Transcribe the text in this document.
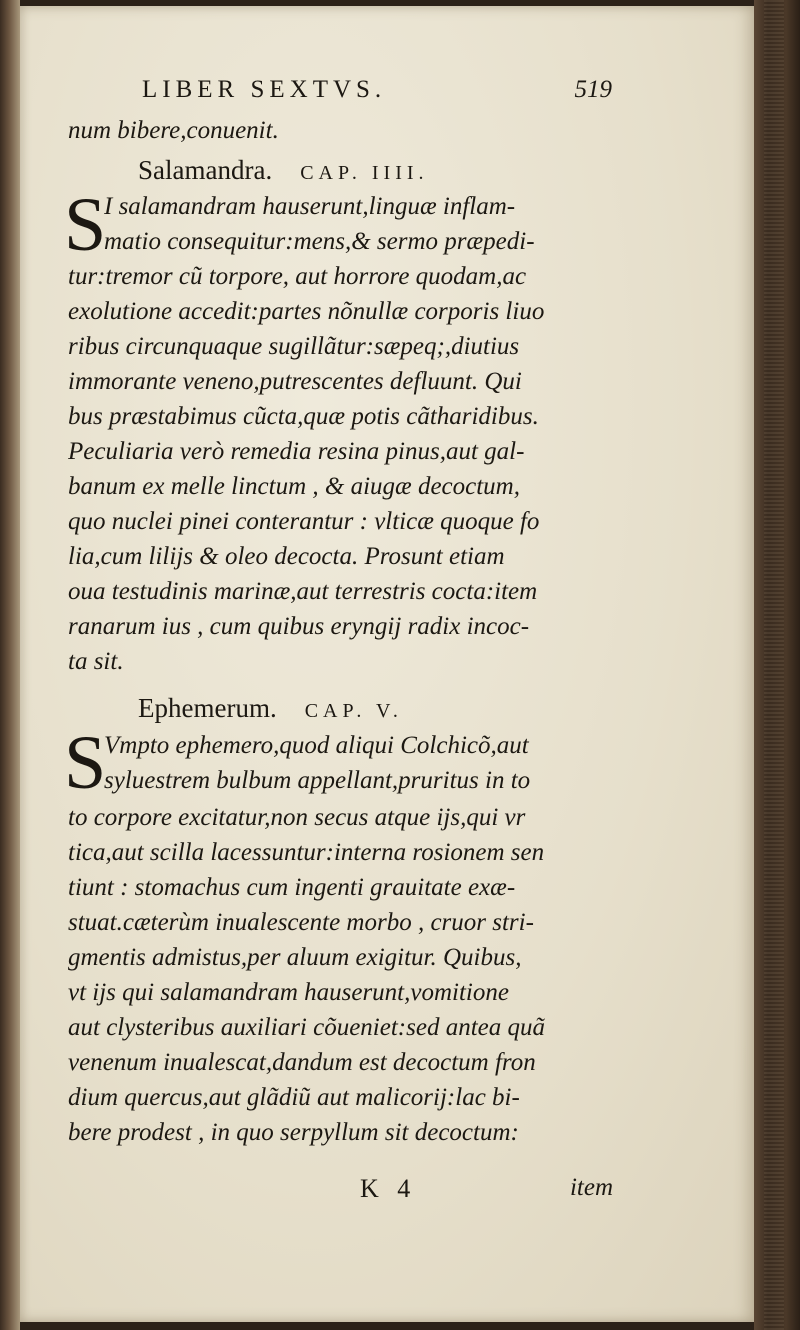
LIBER SEXTVS.	519
num bibere,conuenit.
Salamandra. CAP. IIII.
S
I salamandram hauserunt,linguæ inflam-
matio consequitur:mens,& sermo præpedi-
tur:tremor cũ torpore, aut horrore quodam,ac
exolutione accedit:partes nõnullæ corporis liuo
ribus circunquaque sugillãtur:sæpeq;,diutius
immorante veneno,putrescentes defluunt. Qui
bus præstabimus cũcta,quæ potis cãtharidibus.
Peculiaria verò remedia resina pinus,aut gal-
banum ex melle linctum , & aiugæ decoctum,
quo nuclei pinei conterantur : vlticæ quoque fo
lia,cum lilijs & oleo decocta. Prosunt etiam
oua testudinis marinæ,aut terrestris cocta:item
ranarum ius , cum quibus eryngij radix incoc-
ta sit.
Ephemerum. CAP. V.
S
Vmpto ephemero,quod aliqui Colchicõ,aut
syluestrem bulbum appellant,pruritus in to
to corpore excitatur,non secus atque ijs,qui vr
tica,aut scilla lacessuntur:interna rosionem sen
tiunt : stomachus cum ingenti grauitate exæ-
stuat.cæterùm inualescente morbo , cruor stri-
gmentis admistus,per aluum exigitur. Quibus,
vt ijs qui salamandram hauserunt,vomitione
aut clysteribus auxiliari cõueniet:sed antea quã
venenum inualescat,dandum est decoctum fron
dium quercus,aut glãdiũ aut malicorij:lac bi-
bere prodest , in quo serpyllum sit decoctum:
K 4	item
